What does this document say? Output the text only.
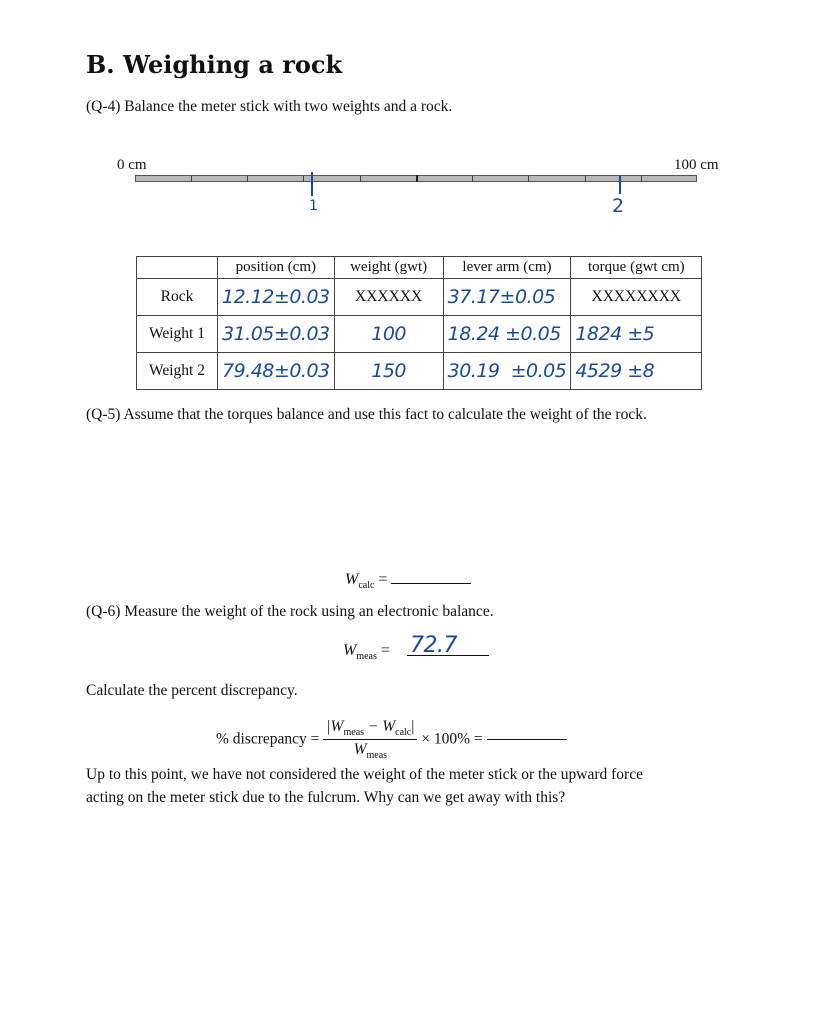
B. Weighing a rock
(Q-4) Balance the meter stick with two weights and a rock.
0 cm	100 cm
1	2
	position (cm)	weight (gwt)	lever arm (cm)	torque (gwt cm)
Rock	12.12±0.03	XXXXXX	37.17±0.05	XXXXXXXX
Weight 1	31.05±0.03	100	18.24 ±0.05	1824 ±5
Weight 2	79.48±0.03	150	30.19  ±0.05	4529 ±8
(Q-5) Assume that the torques balance and use this fact to calculate the weight of the rock.
$W_{calc}$ =
(Q-6) Measure the weight of the rock using an electronic balance.
$W_{meas} = 72.7$
Calculate the percent discrepancy.
% discrepancy = $\frac{|W_{meas} - W_{calc}|}{W_{meas}} \times 100\%$ =
Up to this point, we have not considered the weight of the meter stick or the upward force
acting on the meter stick due to the fulcrum. Why can we get away with this?
